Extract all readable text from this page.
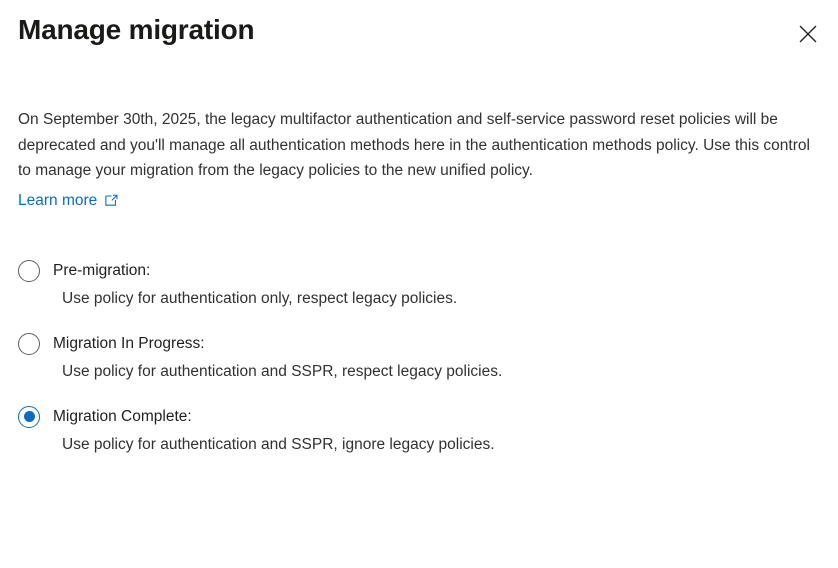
Manage migration
On September 30th, 2025, the legacy multifactor authentication and self-service password reset policies will be deprecated and you'll manage all authentication methods here in the authentication methods policy. Use this control to manage your migration from the legacy policies to the new unified policy.
Learn more
Pre-migration:
Use policy for authentication only, respect legacy policies.
Migration In Progress:
Use policy for authentication and SSPR, respect legacy policies.
Migration Complete:
Use policy for authentication and SSPR, ignore legacy policies.
